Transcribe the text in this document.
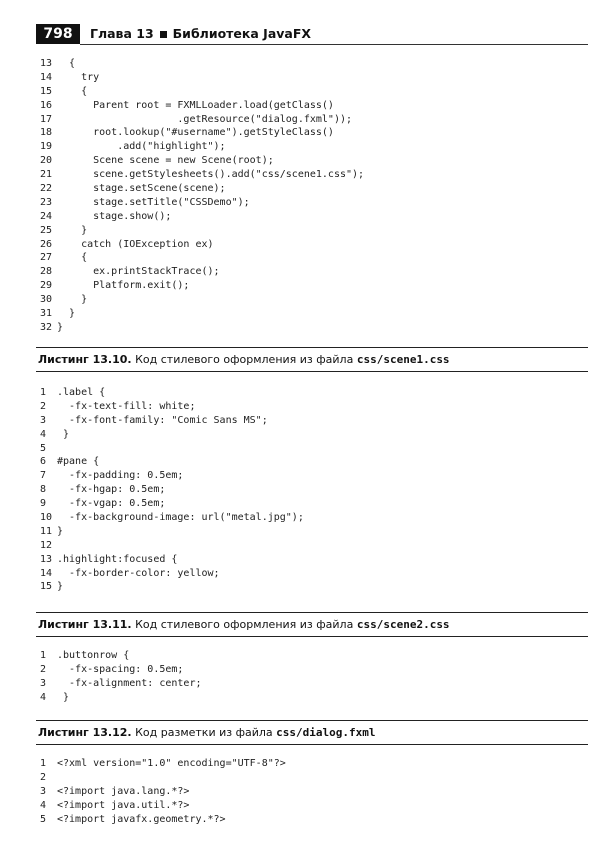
798	Глава 13 Библиотека JavaFX
13 {
14 try
15 {
16 Parent root = FXMLLoader.load(getClass()
17 .getResource("dialog.fxml"));
18 root.lookup("#username").getStyleClass()
19 .add("highlight");
20 Scene scene = new Scene(root);
21 scene.getStylesheets().add("css/scene1.css");
22 stage.setScene(scene);
23 stage.setTitle("CSSDemo");
24 stage.show();
25 }
26 catch (IOException ex)
27 {
28 ex.printStackTrace();
29 Platform.exit();
30 }
31 }
32 }
Листинг 13.10. Код стилевого оформления из файла css/scene1.css
1 .label {
2 -fx-text-fill: white;
3 -fx-font-family: "Comic Sans MS";
4 }
5
6 #pane {
7 -fx-padding: 0.5em;
8 -fx-hgap: 0.5em;
9 -fx-vgap: 0.5em;
10 -fx-background-image: url("metal.jpg");
11 }
12
13 .highlight:focused {
14 -fx-border-color: yellow;
15 }
Листинг 13.11. Код стилевого оформления из файла css/scene2.css
1 .buttonrow {
2 -fx-spacing: 0.5em;
3 -fx-alignment: center;
4 }
Листинг 13.12. Код разметки из файла css/dialog.fxml
1 <?xml version="1.0" encoding="UTF-8"?>
2
3 <?import java.lang.*?>
4 <?import java.util.*?>
5 <?import javafx.geometry.*?>
